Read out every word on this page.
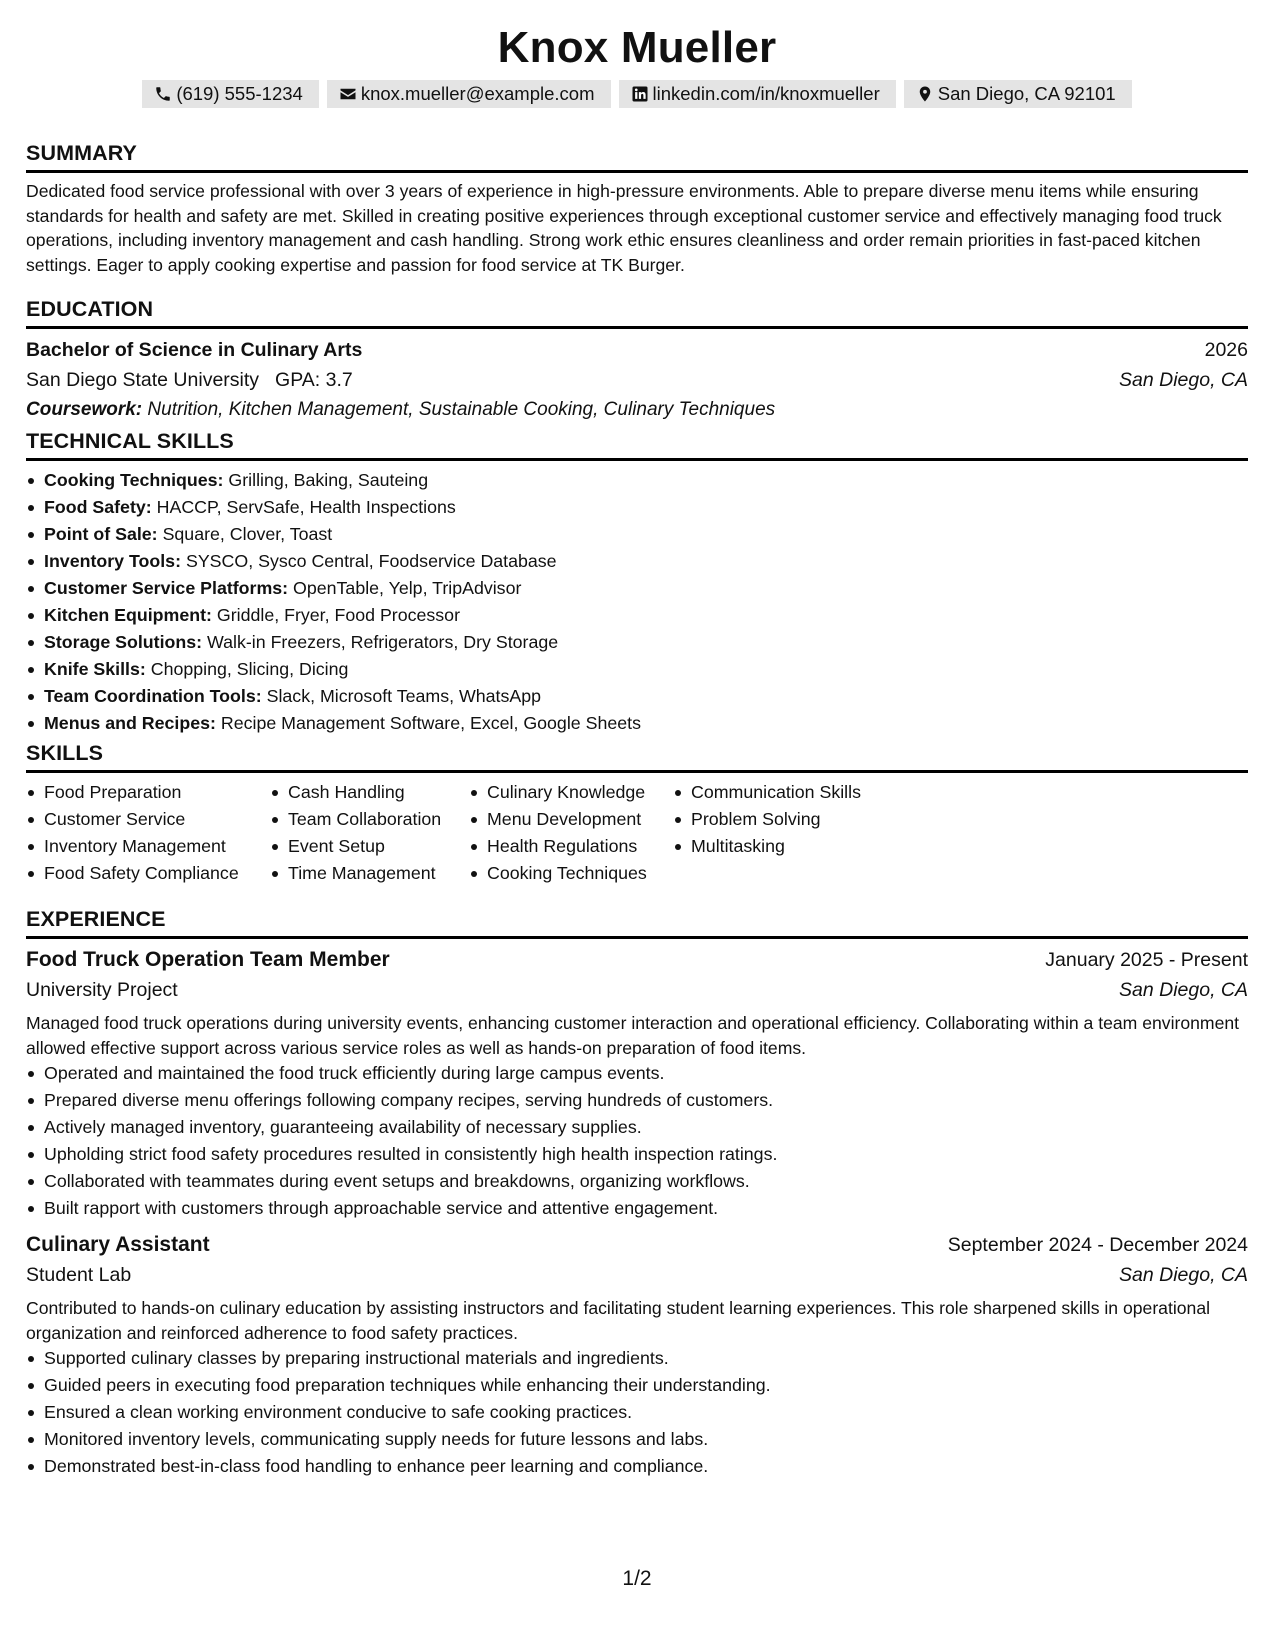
Knox Mueller
(619) 555-1234	knox.mueller@example.com	linkedin.com/in/knoxmueller	San Diego, CA 92101
SUMMARY
Dedicated food service professional with over 3 years of experience in high-pressure environments. Able to prepare diverse menu items while ensuring standards for health and safety are met. Skilled in creating positive experiences through exceptional customer service and effectively managing food truck operations, including inventory management and cash handling. Strong work ethic ensures cleanliness and order remain priorities in fast-paced kitchen settings. Eager to apply cooking expertise and passion for food service at TK Burger.
EDUCATION
Bachelor of Science in Culinary Arts	2026
San Diego State University GPA: 3.7	San Diego, CA
Coursework: Nutrition, Kitchen Management, Sustainable Cooking, Culinary Techniques
TECHNICAL SKILLS
Cooking Techniques: Grilling, Baking, Sauteing
Food Safety: HACCP, ServSafe, Health Inspections
Point of Sale: Square, Clover, Toast
Inventory Tools: SYSCO, Sysco Central, Foodservice Database
Customer Service Platforms: OpenTable, Yelp, TripAdvisor
Kitchen Equipment: Griddle, Fryer, Food Processor
Storage Solutions: Walk-in Freezers, Refrigerators, Dry Storage
Knife Skills: Chopping, Slicing, Dicing
Team Coordination Tools: Slack, Microsoft Teams, WhatsApp
Menus and Recipes: Recipe Management Software, Excel, Google Sheets
SKILLS
Food Preparation
Customer Service
Inventory Management
Food Safety Compliance
Cash Handling
Team Collaboration
Event Setup
Time Management
Culinary Knowledge
Menu Development
Health Regulations
Cooking Techniques
Communication Skills
Problem Solving
Multitasking
EXPERIENCE
Food Truck Operation Team Member	January 2025 - Present
University Project	San Diego, CA
Managed food truck operations during university events, enhancing customer interaction and operational efficiency. Collaborating within a team environment allowed effective support across various service roles as well as hands-on preparation of food items.
Operated and maintained the food truck efficiently during large campus events.
Prepared diverse menu offerings following company recipes, serving hundreds of customers.
Actively managed inventory, guaranteeing availability of necessary supplies.
Upholding strict food safety procedures resulted in consistently high health inspection ratings.
Collaborated with teammates during event setups and breakdowns, organizing workflows.
Built rapport with customers through approachable service and attentive engagement.
Culinary Assistant	September 2024 - December 2024
Student Lab	San Diego, CA
Contributed to hands-on culinary education by assisting instructors and facilitating student learning experiences. This role sharpened skills in operational organization and reinforced adherence to food safety practices.
Supported culinary classes by preparing instructional materials and ingredients.
Guided peers in executing food preparation techniques while enhancing their understanding.
Ensured a clean working environment conducive to safe cooking practices.
Monitored inventory levels, communicating supply needs for future lessons and labs.
Demonstrated best-in-class food handling to enhance peer learning and compliance.
1/2
